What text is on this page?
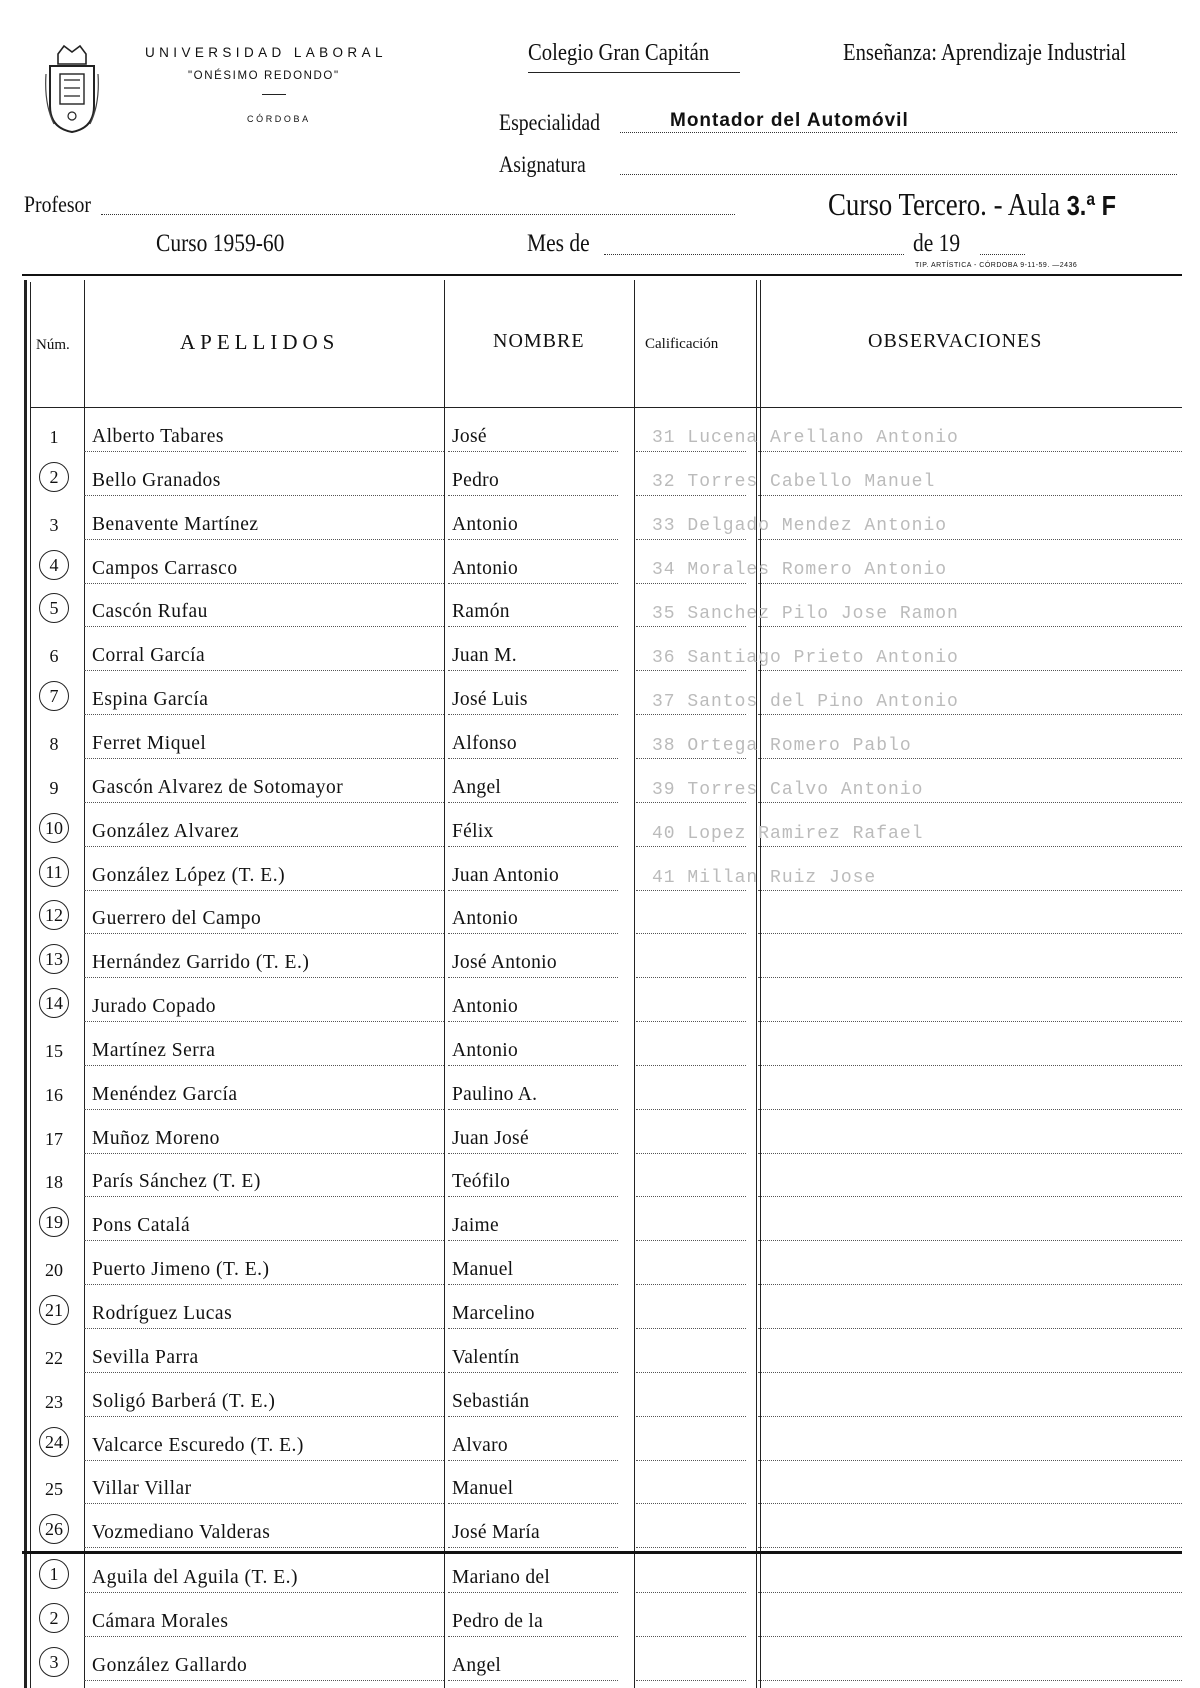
UNIVERSIDAD LABORAL
"ONÉSIMO REDONDO"
CÓRDOBA
Colegio Gran Capitán	Enseñanza: Aprendizaje Industrial
Especialidad	Montador del Automóvil
Asignatura
Profesor	Curso Tercero. - Aula 3.ª F
Curso 1959-60	Mes de	de 19
TIP. ARTÍSTICA - CÓRDOBA 9-11-59. —2436
Núm.	APELLIDOS	NOMBRE	Calificación	OBSERVACIONES
1	Alberto Tabares	José
2	Bello Granados	Pedro
3	Benavente Martínez	Antonio
4	Campos Carrasco	Antonio
5	Cascón Rufau	Ramón
6	Corral García	Juan M.
7	Espina García	José Luis
8	Ferret Miquel	Alfonso
9	Gascón Alvarez de Sotomayor	Angel
10	González Alvarez	Félix
11	González López (T. E.)	Juan Antonio
12	Guerrero del Campo	Antonio
13	Hernández Garrido (T. E.)	José Antonio
14	Jurado Copado	Antonio
15	Martínez Serra	Antonio
16	Menéndez García	Paulino A.
17	Muñoz Moreno	Juan José
18	París Sánchez (T. E)	Teófilo
19	Pons Catalá	Jaime
20	Puerto Jimeno (T. E.)	Manuel
21	Rodríguez Lucas	Marcelino
22	Sevilla Parra	Valentín
23	Soligó Barberá (T. E.)	Sebastián
24	Valcarce Escuredo (T. E.)	Alvaro
25	Villar Villar	Manuel
26	Vozmediano Valderas	José María
1	Aguila del Aguila (T. E.)	Mariano del
2	Cámara Morales	Pedro de la
3	González Gallardo	Angel
31 Lucena Arellano Antonio
32 Torres Cabello Manuel
33 Delgado Mendez Antonio
34 Morales Romero Antonio
35 Sanchez Pilo Jose Ramon
36 Santiago Prieto Antonio
37 Santos del Pino Antonio
38 Ortega Romero Pablo
39 Torres Calvo Antonio
40 Lopez Ramirez Rafael
41 Millan Ruiz Jose
